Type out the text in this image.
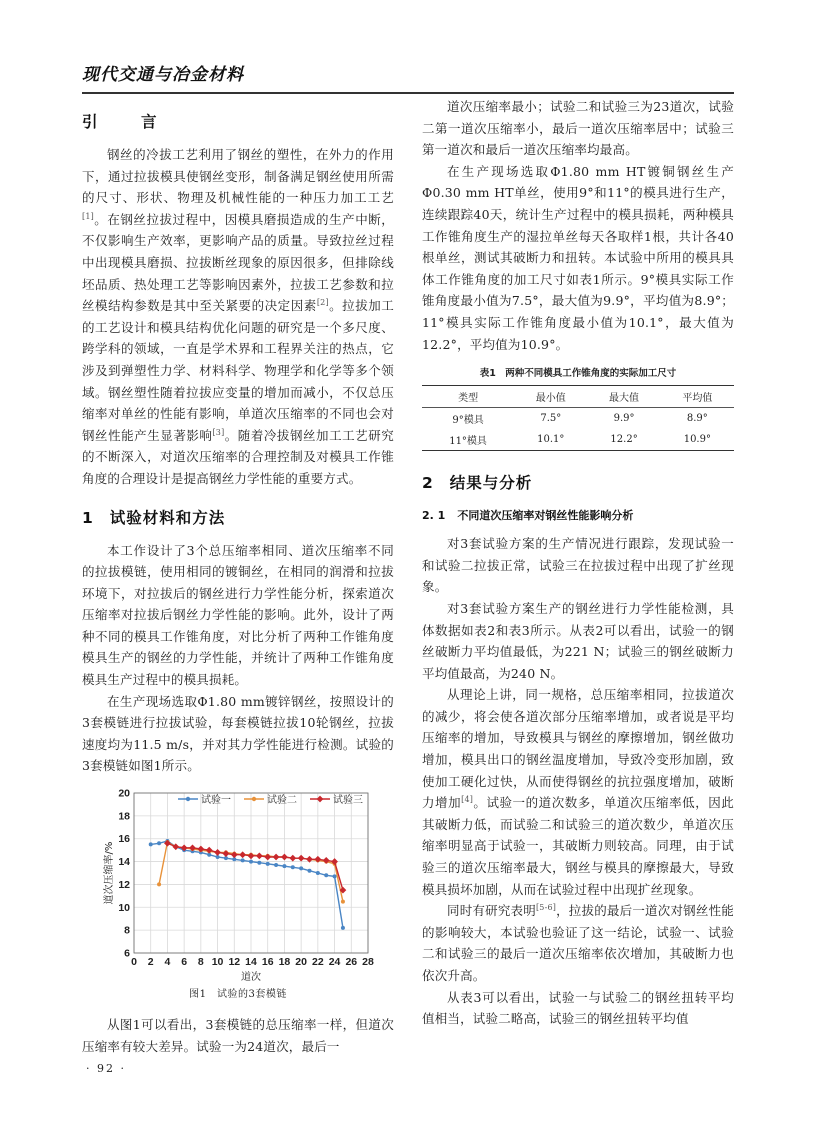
现代交通与冶金材料
引　言

钢丝的冷拔工艺利用了钢丝的塑性，在外力的作用下，通过拉拔模具使钢丝变形，制备满足钢丝使用所需的尺寸、形状、物理及机械性能的一种压力加工工艺[1]。在钢丝拉拔过程中，因模具磨损造成的生产中断，不仅影响生产效率，更影响产品的质量。导致拉丝过程中出现模具磨损、拉拔断丝现象的原因很多，但排除线坯品质、热处理工艺等影响因素外，拉拔工艺参数和拉丝模结构参数是其中至关紧要的决定因素[2]。拉拔加工的工艺设计和模具结构优化问题的研究是一个多尺度、跨学科的领域，一直是学术界和工程界关注的热点，它涉及到弹塑性力学、材料科学、物理学和化学等多个领域。钢丝塑性随着拉拔应变量的增加而减小，不仅总压缩率对单丝的性能有影响，单道次压缩率的不同也会对钢丝性能产生显著影响[3]。随着冷拔钢丝加工工艺研究的不断深入，对道次压缩率的合理控制及对模具工作锥角度的合理设计是提高钢丝力学性能的重要方式。

1 试验材料和方法

本工作设计了3个总压缩率相同、道次压缩率不同的拉拔模链，使用相同的镀铜丝，在相同的润滑和拉拔环境下，对拉拔后的钢丝进行力学性能分析，探索道次压缩率对拉拔后钢丝力学性能的影响。此外，设计了两种不同的模具工作锥角度，对比分析了两种工作锥角度模具生产的钢丝的力学性能，并统计了两种工作锥角度模具生产过程中的模具损耗。

在生产现场选取Φ1.80 mm镀锌钢丝，按照设计的3套模链进行拉拔试验，每套模链拉拔10轮钢丝，拉拔速度均为11.5 m/s，并对其力学性能进行检测。试验的3套模链如图1所示。

6
8
10
12
14
16
18
20
0 2 4 6 8 10 12 14 16 18 20 22 24 26 28
道次
道次压缩率/%
试验一	试验二	试验三
图1　试验的3套模链

从图1可以看出，3套模链的总压缩率一样，但道次压缩率有较大差异。试验一为24道次，最后一

道次压缩率最小；试验二和试验三为23道次，试验二第一道次压缩率小，最后一道次压缩率居中；试验三第一道次和最后一道次压缩率均最高。

在生产现场选取Φ1.80 mm HT镀铜钢丝生产Φ0.30 mm HT单丝，使用9°和11°的模具进行生产，连续跟踪40天，统计生产过程中的模具损耗，两种模具工作锥角度生产的湿拉单丝每天各取样1根，共计各40根单丝，测试其破断力和扭转。本试验中所用的模具具体工作锥角度的加工尺寸如表1所示。9°模具实际工作锥角度最小值为7.5°，最大值为9.9°，平均值为8.9°；11°模具实际工作锥角度最小值为10.1°，最大值为12.2°，平均值为10.9°。

表1　两种不同模具工作锥角度的实际加工尺寸
类型	最小值	最大值	平均值
9°模具	7.5°	9.9°	8.9°
11°模具	10.1°	12.2°	10.9°
2 结果与分析
2. 1 不同道次压缩率对钢丝性能影响分析

对3套试验方案的生产情况进行跟踪，发现试验一和试验二拉拔正常，试验三在拉拔过程中出现了扩丝现象。

对3套试验方案生产的钢丝进行力学性能检测，具体数据如表2和表3所示。从表2可以看出，试验一的钢丝破断力平均值最低，为221 N；试验三的钢丝破断力平均值最高，为240 N。

从理论上讲，同一规格，总压缩率相同，拉拔道次的减少，将会使各道次部分压缩率增加，或者说是平均压缩率的增加，导致模具与钢丝的摩擦增加，钢丝做功增加，模具出口的钢丝温度增加，导致冷变形加剧，致使加工硬化过快，从而使得钢丝的抗拉强度增加，破断力增加[4]。试验一的道次数多，单道次压缩率低，因此其破断力低，而试验二和试验三的道次数少，单道次压缩率明显高于试验一，其破断力则较高。同理，由于试验三的道次压缩率最大，钢丝与模具的摩擦最大，导致模具损坏加剧，从而在试验过程中出现扩丝现象。

同时有研究表明[5-6]，拉拔的最后一道次对钢丝性能的影响较大，本试验也验证了这一结论，试验一、试验二和试验三的最后一道次压缩率依次增加，其破断力也依次升高。

从表3可以看出，试验一与试验二的钢丝扭转平均值相当，试验二略高，试验三的钢丝扭转平均值

· 92 ·
